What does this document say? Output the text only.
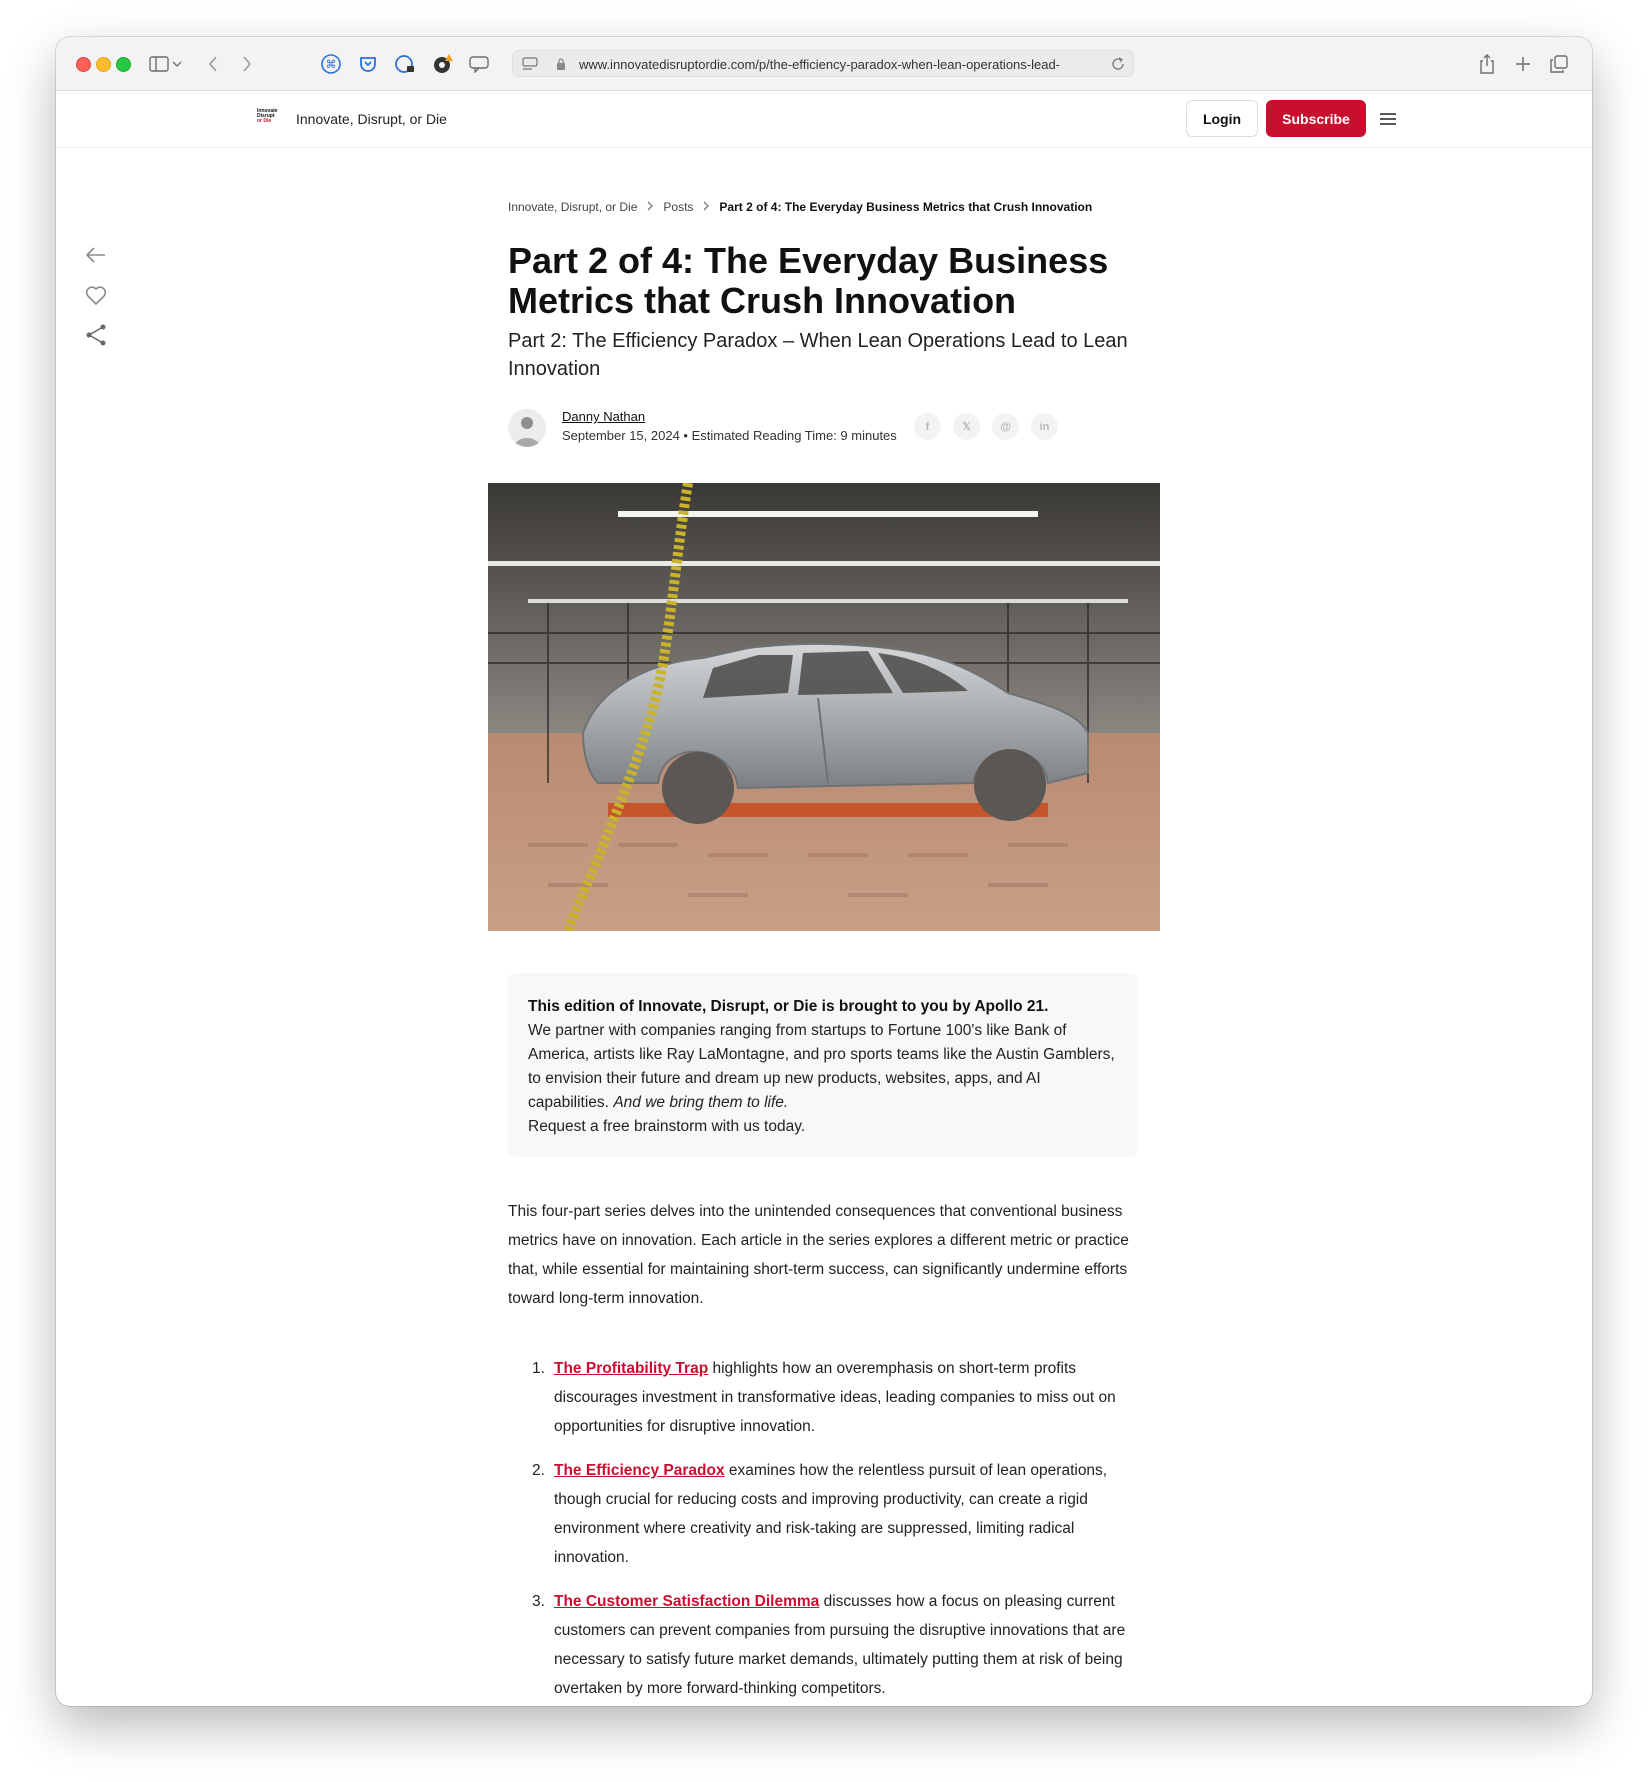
⌘	www.innovatedisruptordie.com/p/the-efficiency-paradox-when-lean-operations-lead-
Innovate
Disrupt
or Die	Innovate, Disrupt, or Die	Login	Subscribe
Innovate, Disrupt, or Die Posts Part 2 of 4: The Everyday Business Metrics that Crush Innovation
Part 2 of 4: The Everyday Business Metrics that Crush Innovation

Part 2: The Efficiency Paradox – When Lean Operations Lead to Lean Innovation

Danny Nathan
September 15, 2024 • Estimated Reading Time: 9 minutes
f	𝕏	@	in

This edition of Innovate, Disrupt, or Die is brought to you by Apollo 21.

We partner with companies ranging from startups to Fortune 100's like Bank of America, artists like Ray LaMontagne, and pro sports teams like the Austin Gamblers, to envision their future and dream up new products, websites, apps, and AI capabilities. And we bring them to life.

Request a free brainstorm with us today.

This four-part series delves into the unintended consequences that conventional business metrics have on innovation. Each article in the series explores a different metric or practice that, while essential for maintaining short-term success, can significantly undermine efforts toward long-term innovation.

1. The Profitability Trap highlights how an overemphasis on short-term profits discourages investment in transformative ideas, leading companies to miss out on opportunities for disruptive innovation.
2. The Efficiency Paradox examines how the relentless pursuit of lean operations, though crucial for reducing costs and improving productivity, can create a rigid environment where creativity and risk-taking are suppressed, limiting radical innovation.
3. The Customer Satisfaction Dilemma discusses how a focus on pleasing current customers can prevent companies from pursuing the disruptive innovations that are necessary to satisfy future market demands, ultimately putting them at risk of being overtaken by more forward-thinking competitors.
